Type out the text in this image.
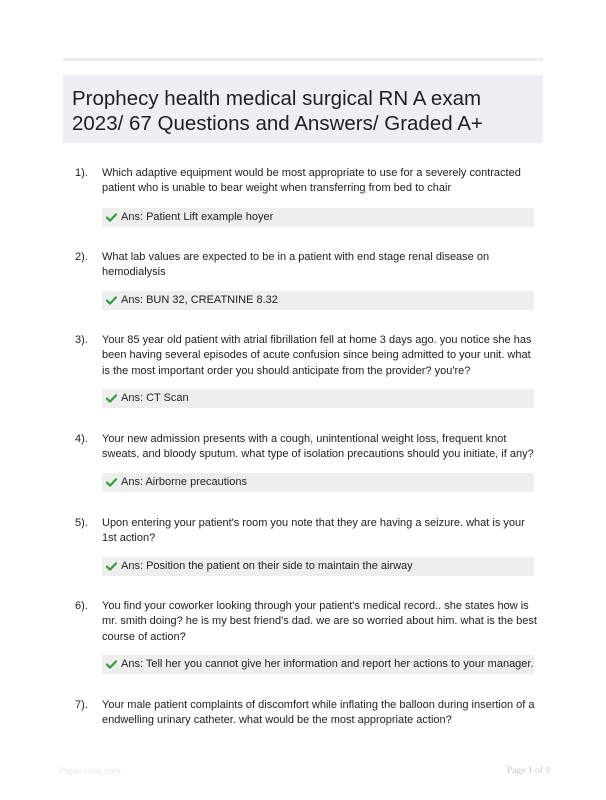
Prophecy health medical surgical RN A exam 2023/ 67 Questions and Answers/ Graded A+
1). Which adaptive equipment would be most appropriate to use for a severely contracted patient who is unable to bear weight when transferring from bed to chair
Ans: Patient Lift example hoyer
2). What lab values are expected to be in a patient with end stage renal disease on hemodialysis
Ans: BUN 32, CREATNINE 8.32
3). Your 85 year old patient with atrial fibrillation fell at home 3 days ago. you notice she has been having several episodes of acute confusion since being admitted to your unit. what is the most important order you should anticipate from the provider? you're?
Ans: CT Scan
4). Your new admission presents with a cough, unintentional weight loss, frequent knot sweats, and bloody sputum. what type of isolation precautions should you initiate, if any?
Ans: Airborne precautions
5). Upon entering your patient's room you note that they are having a seizure. what is your 1st action?
Ans: Position the patient on their side to maintain the airway
6). You find your coworker looking through your patient's medical record.. she states how is mr. smith doing? he is my best friend's dad. we are so worried about him. what is the best course of action?
Ans: Tell her you cannot give her information and report her actions to your manager.
7). Your male patient complaints of discomfort while inflating the balloon during insertion of a endwelling urinary catheter. what would be the most appropriate action?
Paperssbs.com	Page 1 of 9
